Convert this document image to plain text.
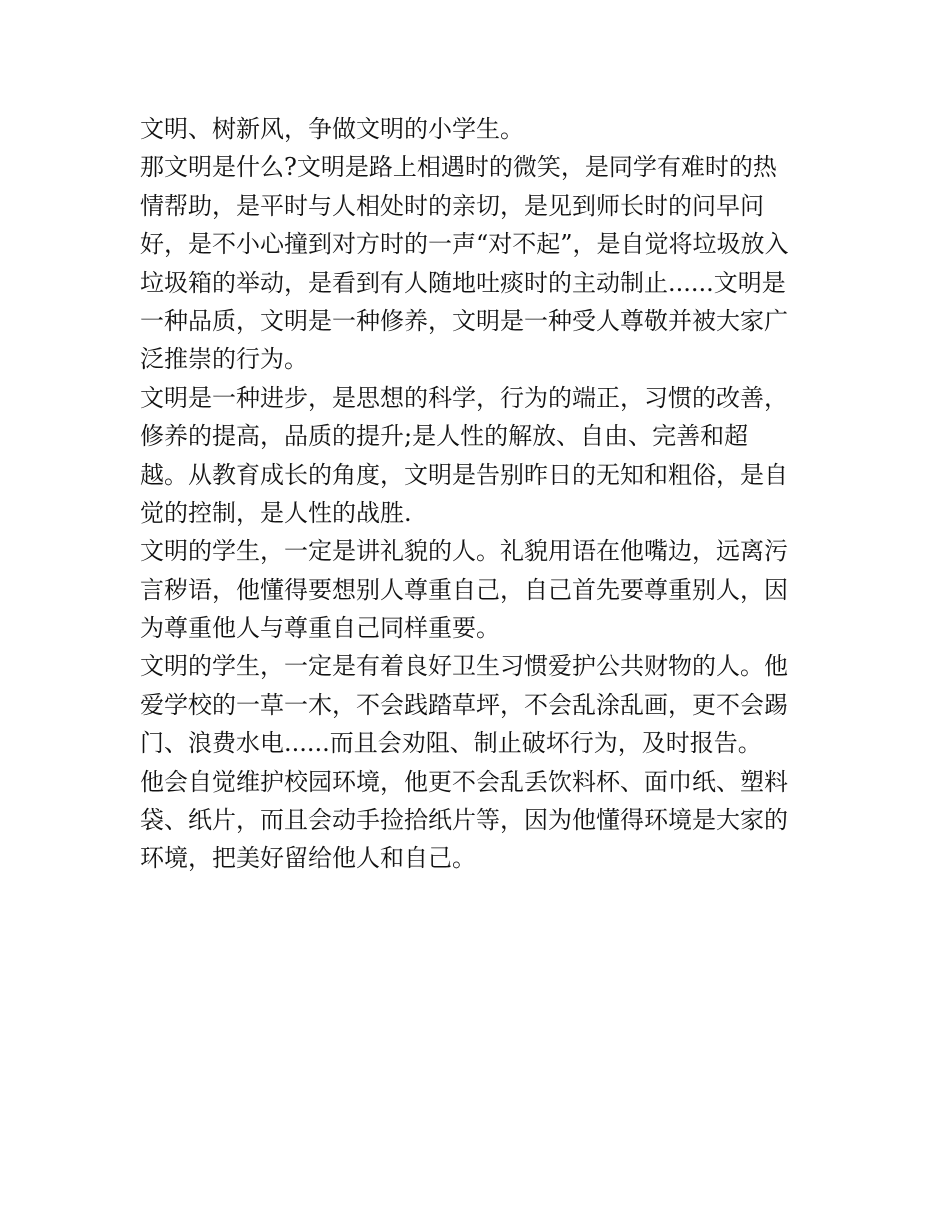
文明、树新风，争做文明的小学生。
那文明是什么?文明是路上相遇时的微笑，是同学有难时的热
情帮助，是平时与人相处时的亲切，是见到师长时的问早问
好，是不小心撞到对方时的一声“对不起”，是自觉将垃圾放入
垃圾箱的举动，是看到有人随地吐痰时的主动制止......文明是
一种品质，文明是一种修养，文明是一种受人尊敬并被大家广
泛推崇的行为。
文明是一种进步，是思想的科学，行为的端正，习惯的改善，
修养的提高，品质的提升;是人性的解放、自由、完善和超
越。从教育成长的角度，文明是告别昨日的无知和粗俗，是自
觉的控制，是人性的战胜.
文明的学生，一定是讲礼貌的人。礼貌用语在他嘴边，远离污
言秽语，他懂得要想别人尊重自己，自己首先要尊重别人，因
为尊重他人与尊重自己同样重要。
文明的学生，一定是有着良好卫生习惯爱护公共财物的人。他
爱学校的一草一木，不会践踏草坪，不会乱涂乱画，更不会踢
门、浪费水电......而且会劝阻、制止破坏行为，及时报告。
他会自觉维护校园环境，他更不会乱丢饮料杯、面巾纸、塑料
袋、纸片，而且会动手捡拾纸片等，因为他懂得环境是大家的
环境，把美好留给他人和自己。
